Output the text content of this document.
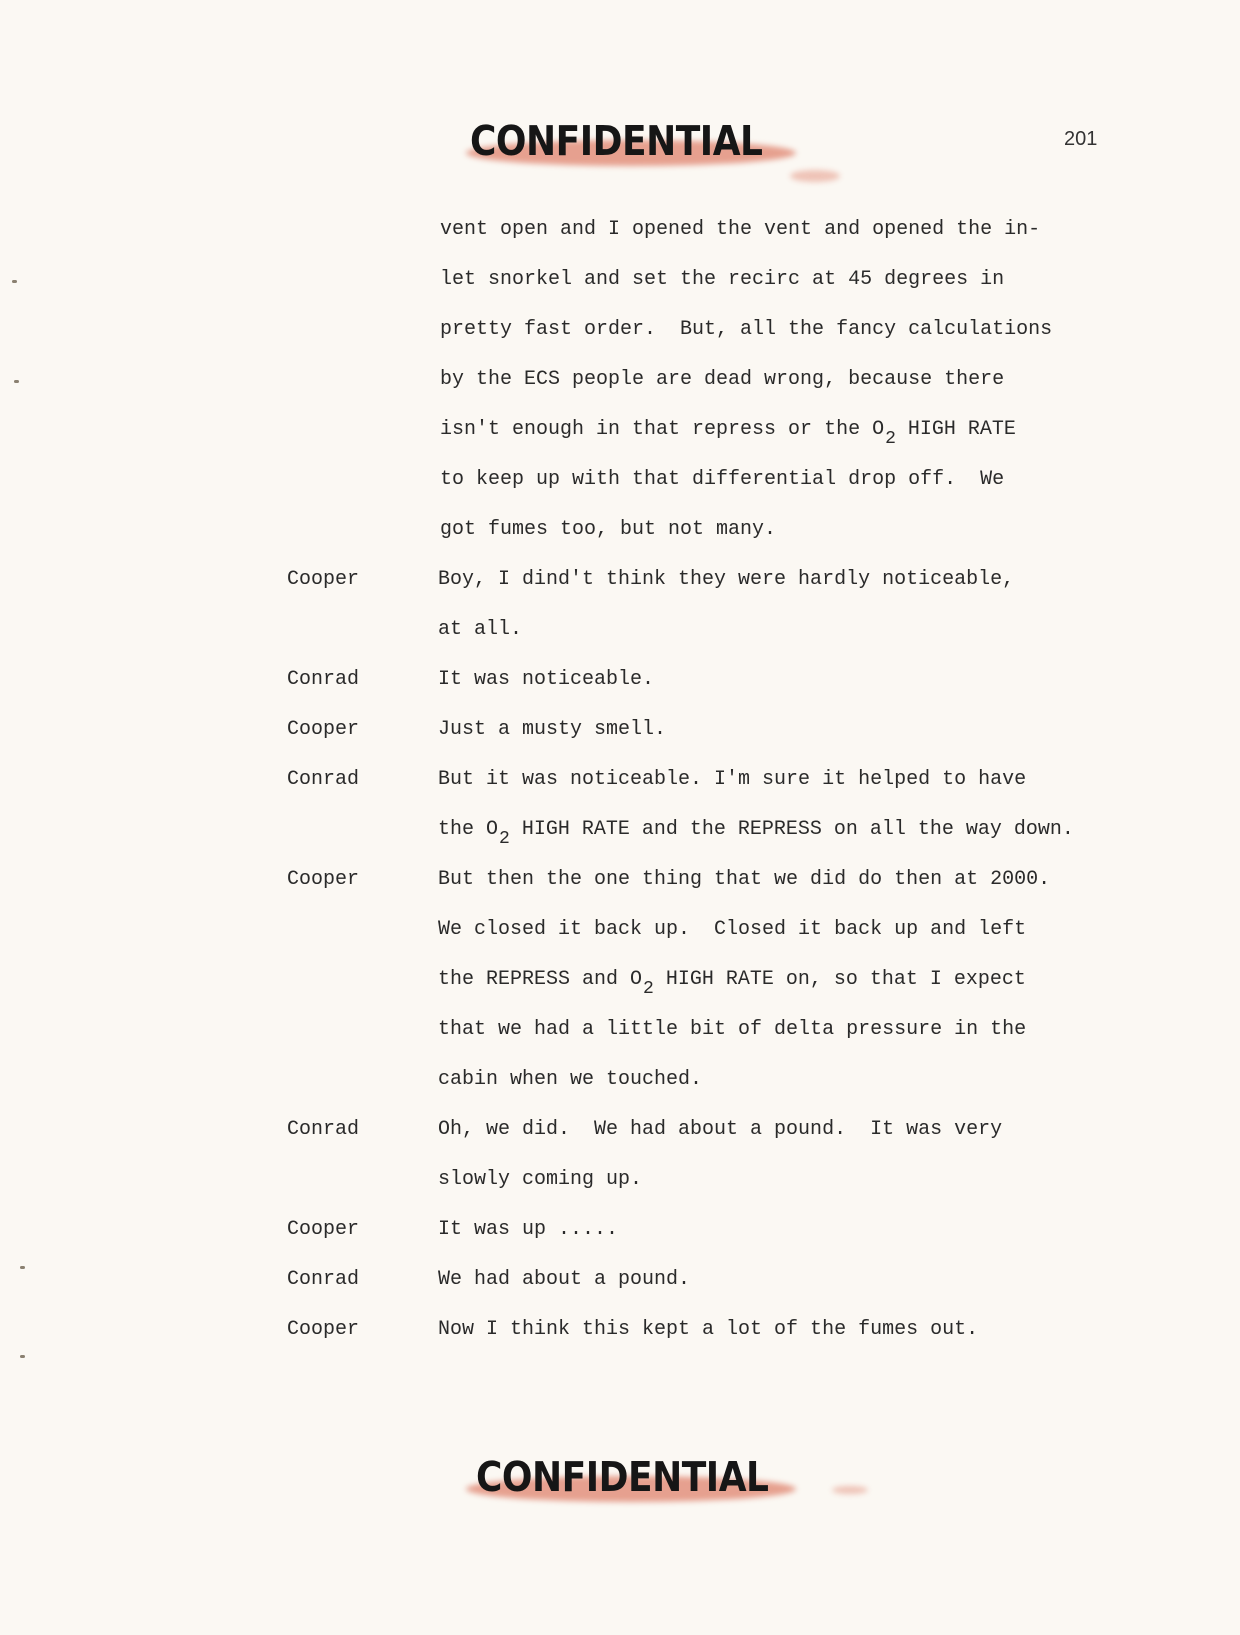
CONFIDENTIAL	201
vent open and I opened the vent and opened the in-
let snorkel and set the recirc at 45 degrees in
pretty fast order.  But, all the fancy calculations
by the ECS people are dead wrong, because there
isn't enough in that repress or the O2 HIGH RATE
to keep up with that differential drop off.  We
got fumes too, but not many.
Cooper	Boy, I dind't think they were hardly noticeable,
at all.
Conrad	It was noticeable.
Cooper	Just a musty smell.
Conrad	But it was noticeable. I'm sure it helped to have
the O2 HIGH RATE and the REPRESS on all the way down.
Cooper	But then the one thing that we did do then at 2000.
We closed it back up.  Closed it back up and left
the REPRESS and O2 HIGH RATE on, so that I expect
that we had a little bit of delta pressure in the
cabin when we touched.
Conrad	Oh, we did.  We had about a pound.  It was very
slowly coming up.
Cooper	It was up .....
Conrad	We had about a pound.
Cooper	Now I think this kept a lot of the fumes out.
CONFIDENTIAL
